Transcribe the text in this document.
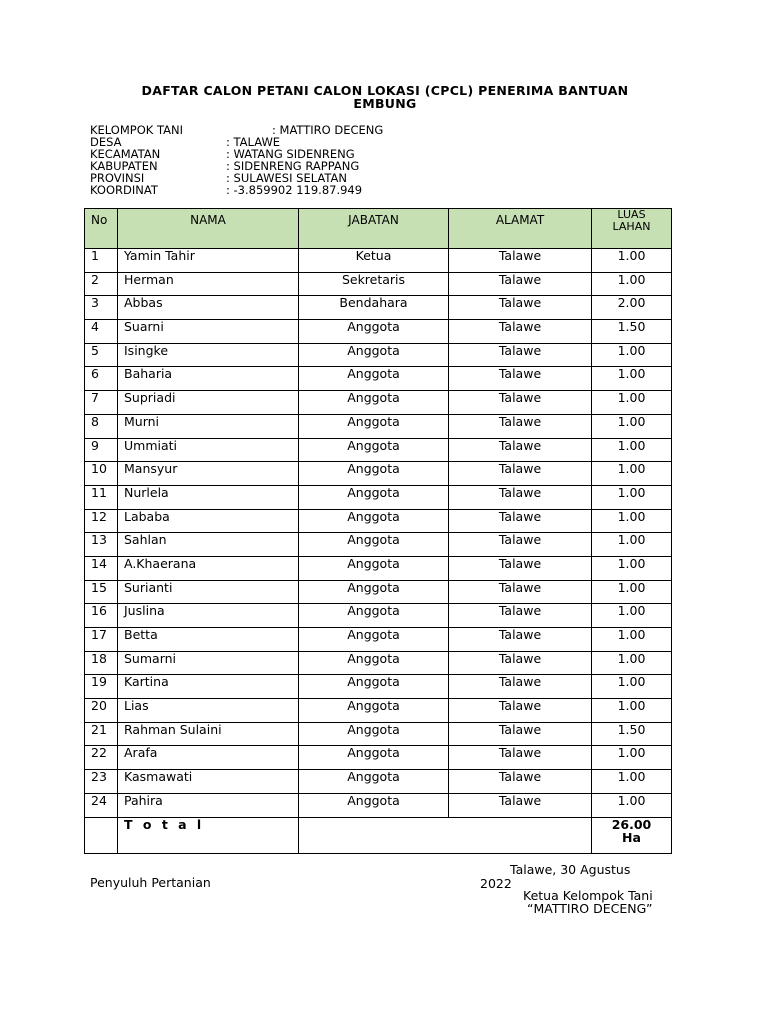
DAFTAR CALON PETANI CALON LOKASI (CPCL) PENERIMA BANTUAN
EMBUNG
KELOMPOK TANI	: MATTIRO DECENG
DESA	: TALAWE
KECAMATAN	: WATANG SIDENRENG
KABUPATEN	: SIDENRENG RAPPANG
PROVINSI	: SULAWESI SELATAN
KOORDINAT	: -3.859902 119.87.949
No	NAMA	JABATAN	ALAMAT	LUAS
LAHAN

1	Yamin Tahir	Ketua	Talawe	1.00
2	Herman	Sekretaris	Talawe	1.00
3	Abbas	Bendahara	Talawe	2.00
4	Suarni	Anggota	Talawe	1.50
5	Isingke	Anggota	Talawe	1.00
6	Baharia	Anggota	Talawe	1.00
7	Supriadi	Anggota	Talawe	1.00
8	Murni	Anggota	Talawe	1.00
9	Ummiati	Anggota	Talawe	1.00
10	Mansyur	Anggota	Talawe	1.00
11	Nurlela	Anggota	Talawe	1.00
12	Lababa	Anggota	Talawe	1.00
13	Sahlan	Anggota	Talawe	1.00
14	A.Khaerana	Anggota	Talawe	1.00
15	Surianti	Anggota	Talawe	1.00
16	Juslina	Anggota	Talawe	1.00
17	Betta	Anggota	Talawe	1.00
18	Sumarni	Anggota	Talawe	1.00
19	Kartina	Anggota	Talawe	1.00
20	Lias	Anggota	Talawe	1.00
21	Rahman Sulaini	Anggota	Talawe	1.50
22	Arafa	Anggota	Talawe	1.00
23	Kasmawati	Anggota	Talawe	1.00
24	Pahira	Anggota	Talawe	1.00
	T o t a l			26.00
Ha
Talawe, 30 Agustus
2022
Penyuluh Pertanian
Ketua Kelompok Tani
“MATTIRO DECENG”
